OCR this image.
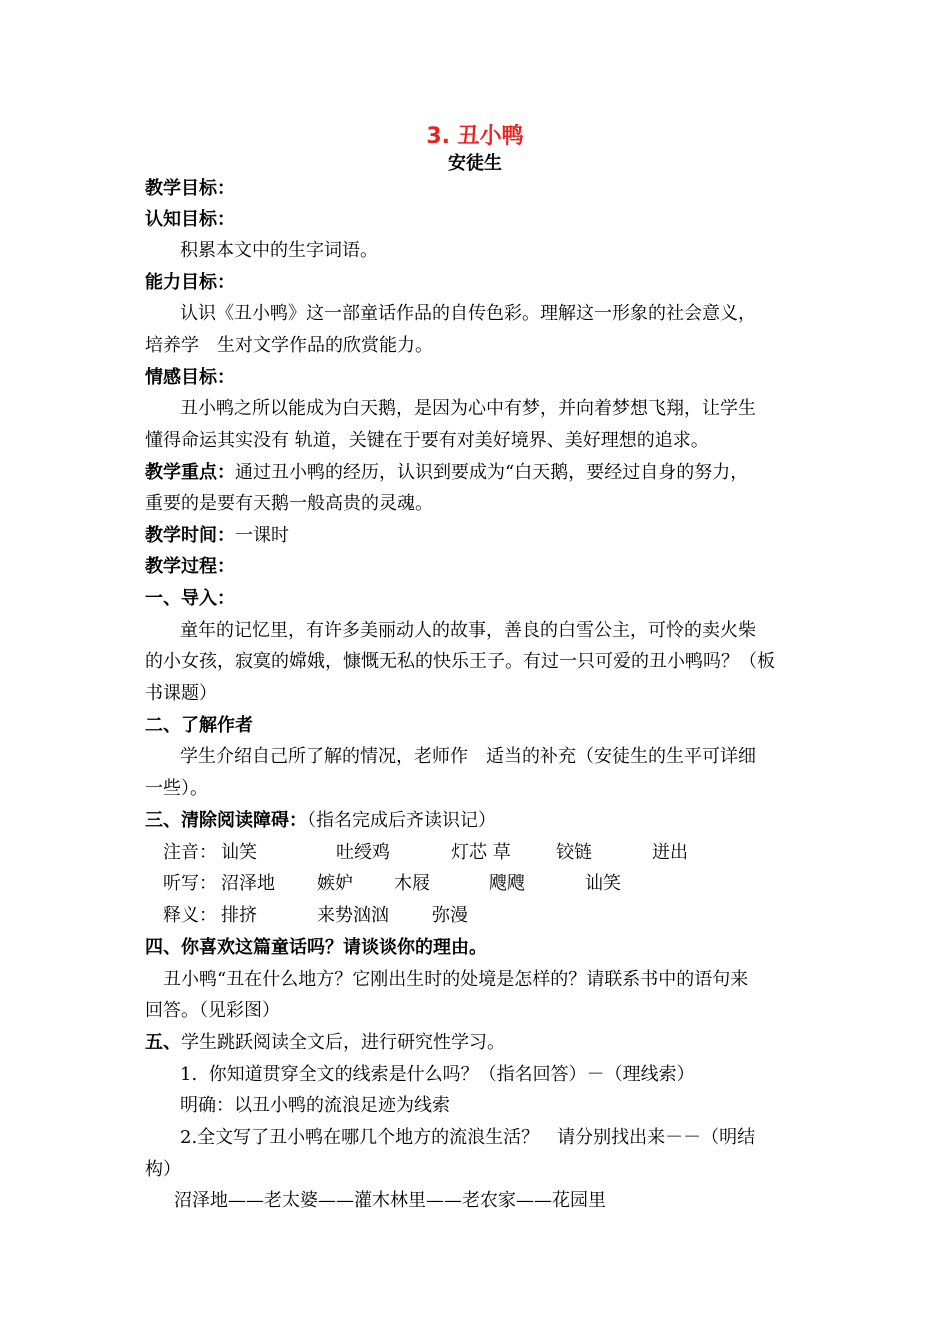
3. 丑小鸭
安徒生

教学目标：

认知目标：

积累本文中的生字词语。

能力目标：

认识《丑小鸭》这一部童话作品的自传色彩。理解这一形象的社会意义，

培养学　生对文学作品的欣赏能力。

情感目标：

丑小鸭之所以能成为白天鹅，是因为心中有梦，并向着梦想飞翔，让学生

懂得命运其实没有 轨道，关键在于要有对美好境界、美好理想的追求。

教学重点：通过丑小鸭的经历，认识到要成为“白天鹅，要经过自身的努力，

重要的是要有天鹅一般高贵的灵魂。

教学时间：一课时

教学过程：

一、导入：

童年的记忆里，有许多美丽动人的故事，善良的白雪公主，可怜的卖火柴

的小女孩，寂寞的嫦娥，慷慨无私的快乐王子。有过一只可爱的丑小鸭吗？（板

书课题）

二、了解作者

学生介绍自己所了解的情况，老师作　适当的补充（安徒生的生平可详细

一些）。

三、清除阅读障碍：（指名完成后齐读识记）

注音： 讪笑	吐绶鸡	灯芯 草	铰链	迸出
听写： 沼泽地 嫉妒 木屐	飕飕	讪笑
释义： 排挤	来势汹汹 弥漫

四、你喜欢这篇童话吗？请谈谈你的理由。

丑小鸭“丑在什么地方？它刚出生时的处境是怎样的？请联系书中的语句来

回答。（见彩图）

五、学生跳跃阅读全文后，进行研究性学习。

1.  你知道贯穿全文的线索是什么吗？（指名回答）－（理线索）

明确：以丑小鸭的流浪足迹为线索

2.全文写了丑小鸭在哪几个地方的流浪生活？　请分别找出来－－（明结

构）

沼泽地——老太婆——灌木林里——老农家——花园里
